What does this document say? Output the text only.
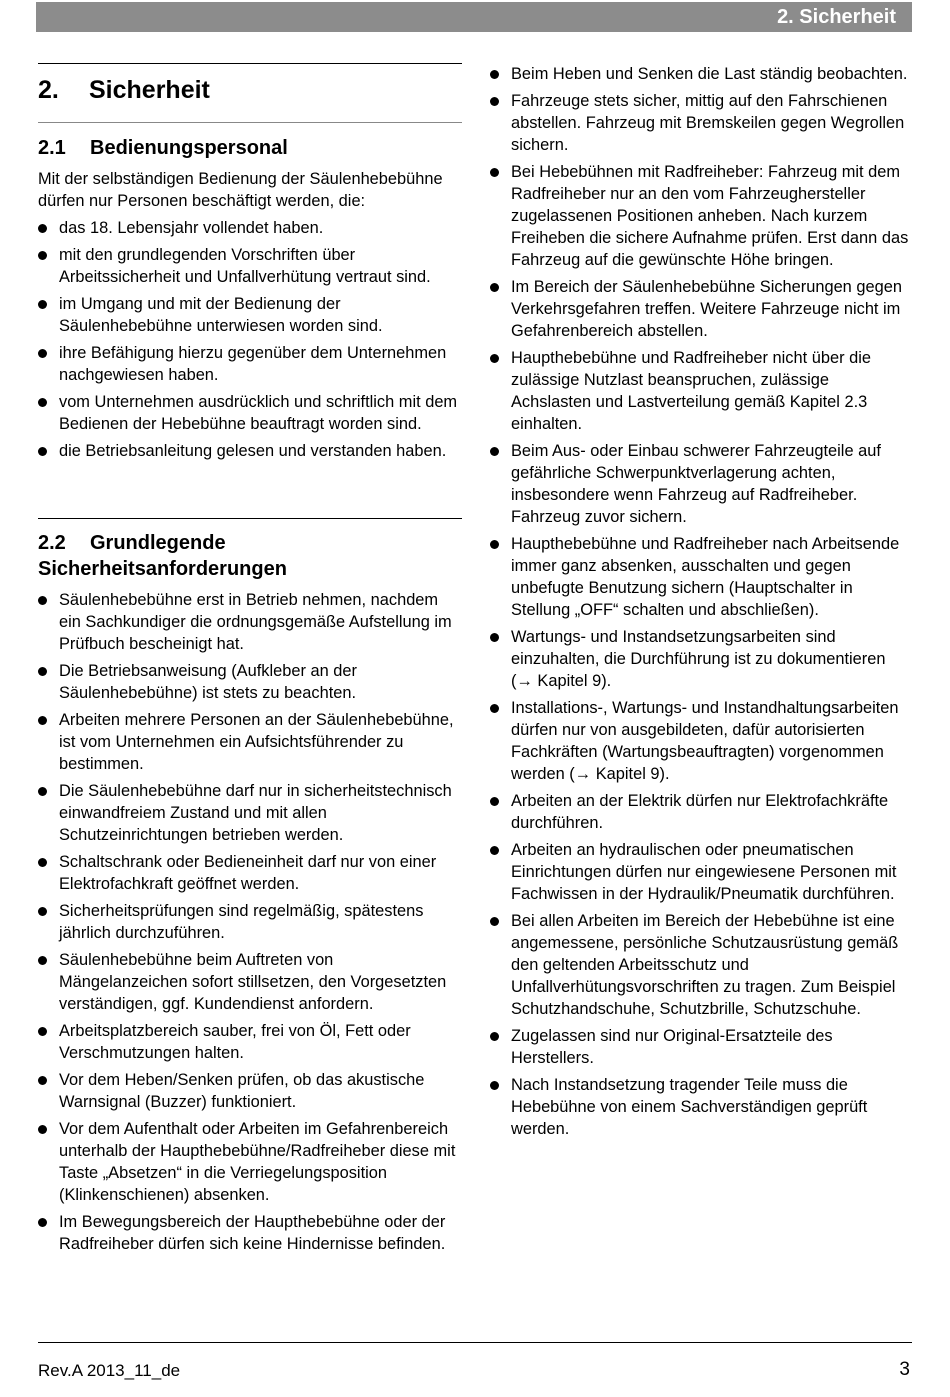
2. Sicherheit
2. Sicherheit
2.1 Bedienungspersonal

Mit der selbständigen Bedienung der Säulenhebebühne dürfen nur Personen beschäftigt werden, die:

das 18. Lebensjahr vollendet haben.
mit den grundlegenden Vorschriften über Arbeitssicherheit und Unfallverhütung vertraut sind.
im Umgang und mit der Bedienung der Säulenhebebühne unterwiesen worden sind.
ihre Befähigung hierzu gegenüber dem Unternehmen nachgewiesen haben.
vom Unternehmen ausdrücklich und schriftlich mit dem Bedienen der Hebebühne beauftragt worden sind.
die Betriebsanleitung gelesen und verstanden haben.
2.2 Grundlegende Sicherheitsanforderungen
Säulenhebebühne erst in Betrieb nehmen, nachdem ein Sachkundiger die ordnungsgemäße Aufstellung im Prüfbuch bescheinigt hat.
Die Betriebsanweisung (Aufkleber an der Säulenhebebühne) ist stets zu beachten.
Arbeiten mehrere Personen an der Säulenhebebühne, ist vom Unternehmen ein Aufsichtsführender zu bestimmen.
Die Säulenhebebühne darf nur in sicherheitstechnisch einwandfreiem Zustand und mit allen Schutzeinrichtungen betrieben werden.
Schaltschrank oder Bedieneinheit darf nur von einer Elektrofachkraft geöffnet werden.
Sicherheitsprüfungen sind regelmäßig, spätestens jährlich durchzuführen.
Säulenhebebühne beim Auftreten von Mängelanzeichen sofort stillsetzen, den Vorgesetzten verständigen, ggf. Kundendienst anfordern.
Arbeitsplatzbereich sauber, frei von Öl, Fett oder Verschmutzungen halten.
Vor dem Heben/Senken prüfen, ob das akustische Warnsignal (Buzzer) funktioniert.
Vor dem Aufenthalt oder Arbeiten im Gefahrenbereich unterhalb der Haupthebebühne/Radfreiheber diese mit Taste „Absetzen“ in die Verriegelungsposition (Klinkenschienen) absenken.
Im Bewegungsbereich der Haupthebebühne oder der Radfreiheber dürfen sich keine Hindernisse befinden.
Beim Heben und Senken die Last ständig beobachten.
Fahrzeuge stets sicher, mittig auf den Fahrschienen abstellen. Fahrzeug mit Bremskeilen gegen Wegrollen sichern.
Bei Hebebühnen mit Radfreiheber: Fahrzeug mit dem Radfreiheber nur an den vom Fahrzeughersteller zugelassenen Positionen anheben. Nach kurzem Freiheben die sichere Aufnahme prüfen. Erst dann das Fahrzeug auf die gewünschte Höhe bringen.
Im Bereich der Säulenhebebühne Sicherungen gegen Verkehrsgefahren treffen. Weitere Fahrzeuge nicht im Gefahrenbereich abstellen.
Haupthebebühne und Radfreiheber nicht über die zulässige Nutzlast beanspruchen, zulässige Achslasten und Lastverteilung gemäß Kapitel 2.3 einhalten.
Beim Aus- oder Einbau schwerer Fahrzeugteile auf gefährliche Schwerpunktverlagerung achten, insbesondere wenn Fahrzeug auf Radfreiheber. Fahrzeug zuvor sichern.
Haupthebebühne und Radfreiheber nach Arbeitsende immer ganz absenken, ausschalten und gegen unbefugte Benutzung sichern (Hauptschalter in Stellung „OFF“ schalten und abschließen).
Wartungs- und Instandsetzungsarbeiten sind einzuhalten, die Durchführung ist zu dokumentieren (→ Kapitel 9).
Installations-, Wartungs- und Instandhaltungsarbeiten dürfen nur von ausgebildeten, dafür autorisierten Fachkräften (Wartungsbeauftragten) vorgenommen werden (→ Kapitel 9).
Arbeiten an der Elektrik dürfen nur Elektrofachkräfte durchführen.
Arbeiten an hydraulischen oder pneumatischen Einrichtungen dürfen nur eingewiesene Personen mit Fachwissen in der Hydraulik/Pneumatik durchführen.
Bei allen Arbeiten im Bereich der Hebebühne ist eine angemessene, persönliche Schutzausrüstung gemäß den geltenden Arbeitsschutz und Unfallverhütungsvorschriften zu tragen. Zum Beispiel Schutzhandschuhe, Schutzbrille, Schutzschuhe.
Zugelassen sind nur Original-Ersatzteile des Herstellers.
Nach Instandsetzung tragender Teile muss die Hebebühne von einem Sachverständigen geprüft werden.
Rev.A 2013_11_de	3
